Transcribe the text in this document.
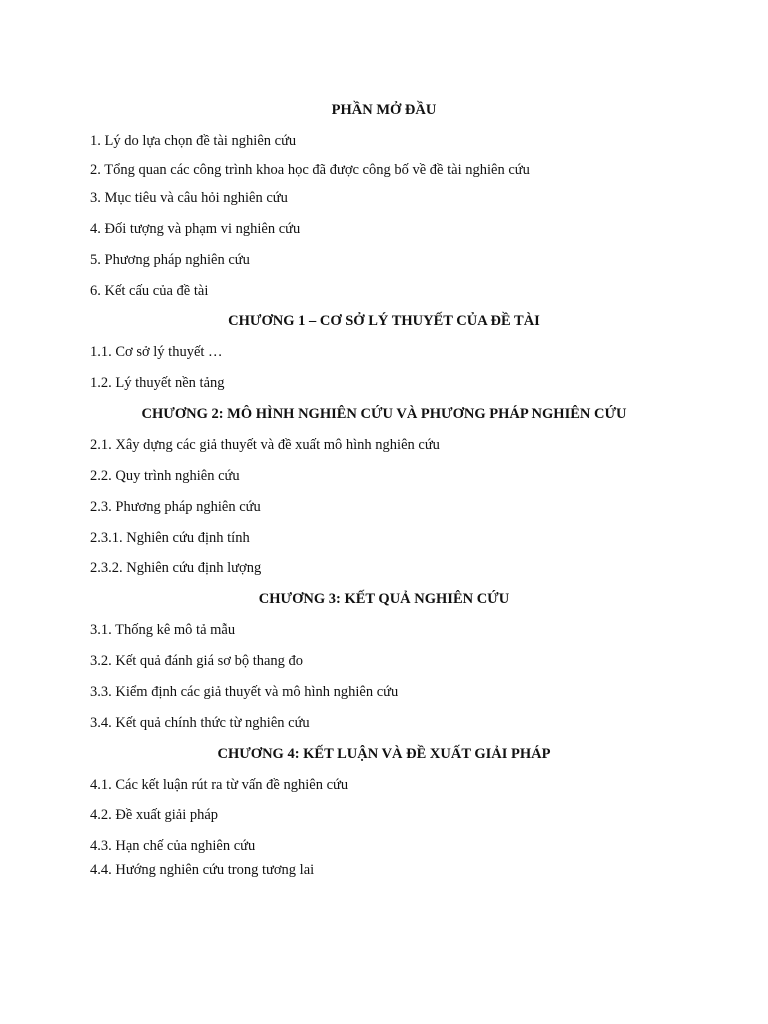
PHẦN MỞ ĐẦU
1. Lý do lựa chọn đề tài nghiên cứu
2. Tổng quan các công trình khoa học đã được công bố về đề tài nghiên cứu
3. Mục tiêu và câu hỏi nghiên cứu
4. Đối tượng và phạm vi nghiên cứu
5. Phương pháp nghiên cứu
6. Kết cấu của đề tài
CHƯƠNG 1 – CƠ SỞ LÝ THUYẾT CỦA ĐỀ TÀI
1.1. Cơ sở lý thuyết …
1.2. Lý thuyết nền tảng
CHƯƠNG 2: MÔ HÌNH NGHIÊN CỨU VÀ PHƯƠNG PHÁP NGHIÊN CỨU
2.1. Xây dựng các giả thuyết và đề xuất mô hình nghiên cứu
2.2. Quy trình nghiên cứu
2.3. Phương pháp nghiên cứu
2.3.1. Nghiên cứu định tính
2.3.2. Nghiên cứu định lượng
CHƯƠNG 3: KẾT QUẢ NGHIÊN CỨU
3.1. Thống kê mô tả mẫu
3.2. Kết quả đánh giá sơ bộ thang đo
3.3. Kiểm định các giả thuyết và mô hình nghiên cứu
3.4. Kết quả chính thức từ nghiên cứu
CHƯƠNG 4: KẾT LUẬN VÀ ĐỀ XUẤT GIẢI PHÁP
4.1. Các kết luận rút ra từ vấn đề nghiên cứu
4.2. Đề xuất giải pháp
4.3. Hạn chế của nghiên cứu
4.4. Hướng nghiên cứu trong tương lai
